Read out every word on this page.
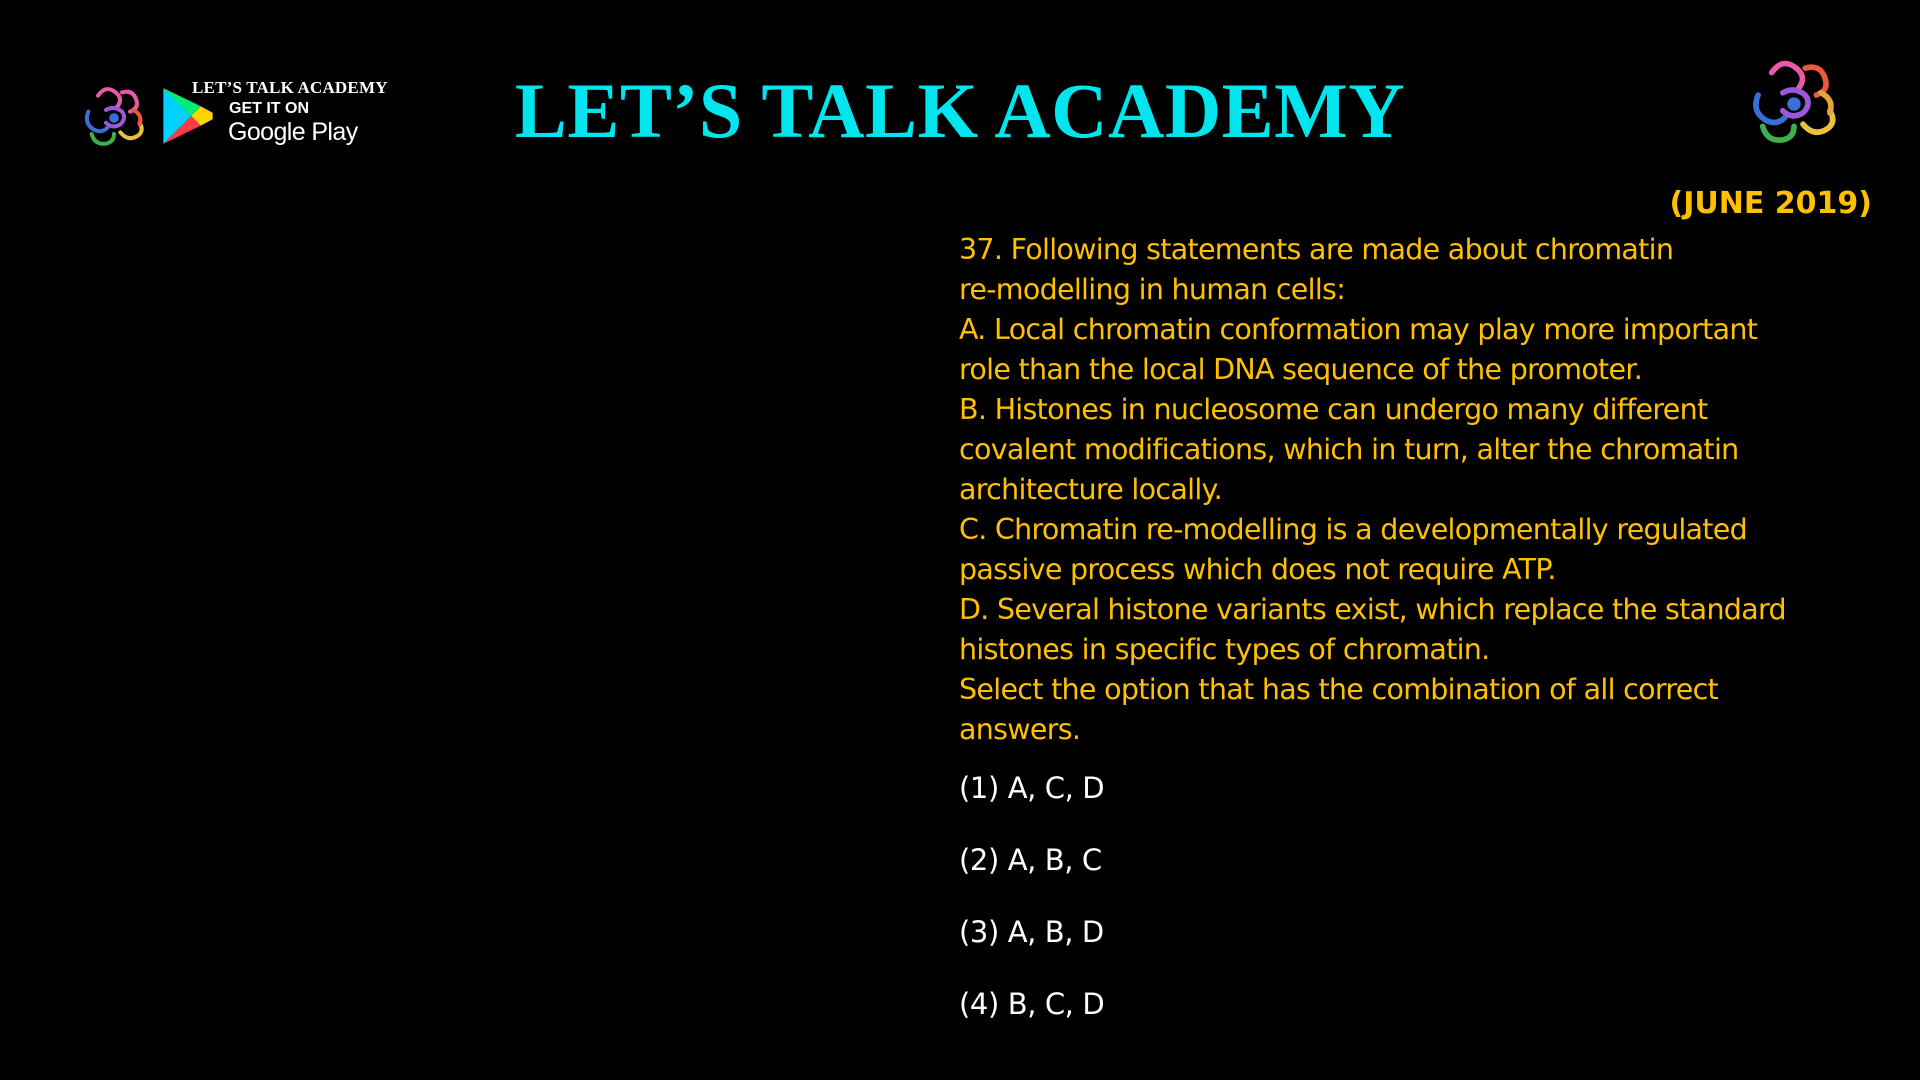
LET’S TALK ACADEMY
GET IT ON
Google Play	LET’S TALK ACADEMY
(JUNE 2019)
37. Following statements are made about chromatin
re-modelling in human cells:
A. Local chromatin conformation may play more important
role than the local DNA sequence of the promoter.
B. Histones in nucleosome can undergo many different
covalent modifications, which in turn, alter the chromatin
architecture locally.
C. Chromatin re-modelling is a developmentally regulated
passive process which does not require ATP.
D. Several histone variants exist, which replace the standard
histones in specific types of chromatin.
Select the option that has the combination of all correct
answers.
(1) A, C, D
(2) A, B, C
(3) A, B, D
(4) B, C, D
